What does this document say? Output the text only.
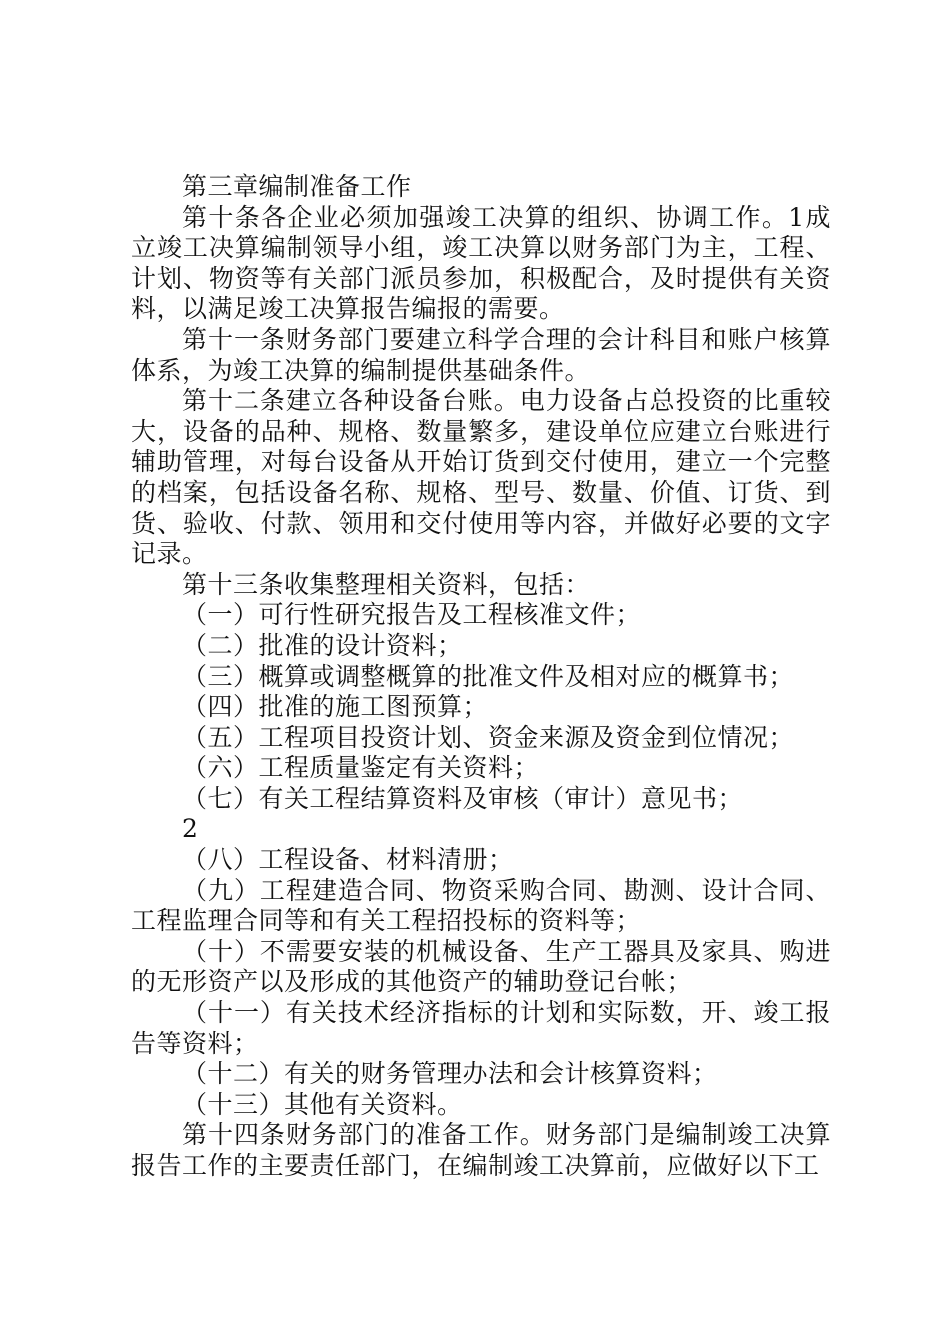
第三章编制准备工作

第十条各企业必须加强竣工决算的组织、协调工作。1成立竣工决算编制领导小组，竣工决算以财务部门为主，工程、计划、物资等有关部门派员参加，积极配合，及时提供有关资料，以满足竣工决算报告编报的需要。

第十一条财务部门要建立科学合理的会计科目和账户核算体系，为竣工决算的编制提供基础条件。

第十二条建立各种设备台账。电力设备占总投资的比重较大，设备的品种、规格、数量繁多，建设单位应建立台账进行辅助管理，对每台设备从开始订货到交付使用，建立一个完整的档案，包括设备名称、规格、型号、数量、价值、订货、到货、验收、付款、领用和交付使用等内容，并做好必要的文字记录。

第十三条收集整理相关资料，包括：

（一）可行性研究报告及工程核准文件；

（二）批准的设计资料；

（三）概算或调整概算的批准文件及相对应的概算书；

（四）批准的施工图预算；

（五）工程项目投资计划、资金来源及资金到位情况；

（六）工程质量鉴定有关资料；

（七）有关工程结算资料及审核（审计）意见书；

2

（八）工程设备、材料清册；

（九）工程建造合同、物资采购合同、勘测、设计合同、工程监理合同等和有关工程招投标的资料等；

（十）不需要安装的机械设备、生产工器具及家具、购进的无形资产以及形成的其他资产的辅助登记台帐；

（十一）有关技术经济指标的计划和实际数，开、竣工报告等资料；

（十二）有关的财务管理办法和会计核算资料；

（十三）其他有关资料。

第十四条财务部门的准备工作。财务部门是编制竣工决算报告工作的主要责任部门，在编制竣工决算前，应做好以下工
